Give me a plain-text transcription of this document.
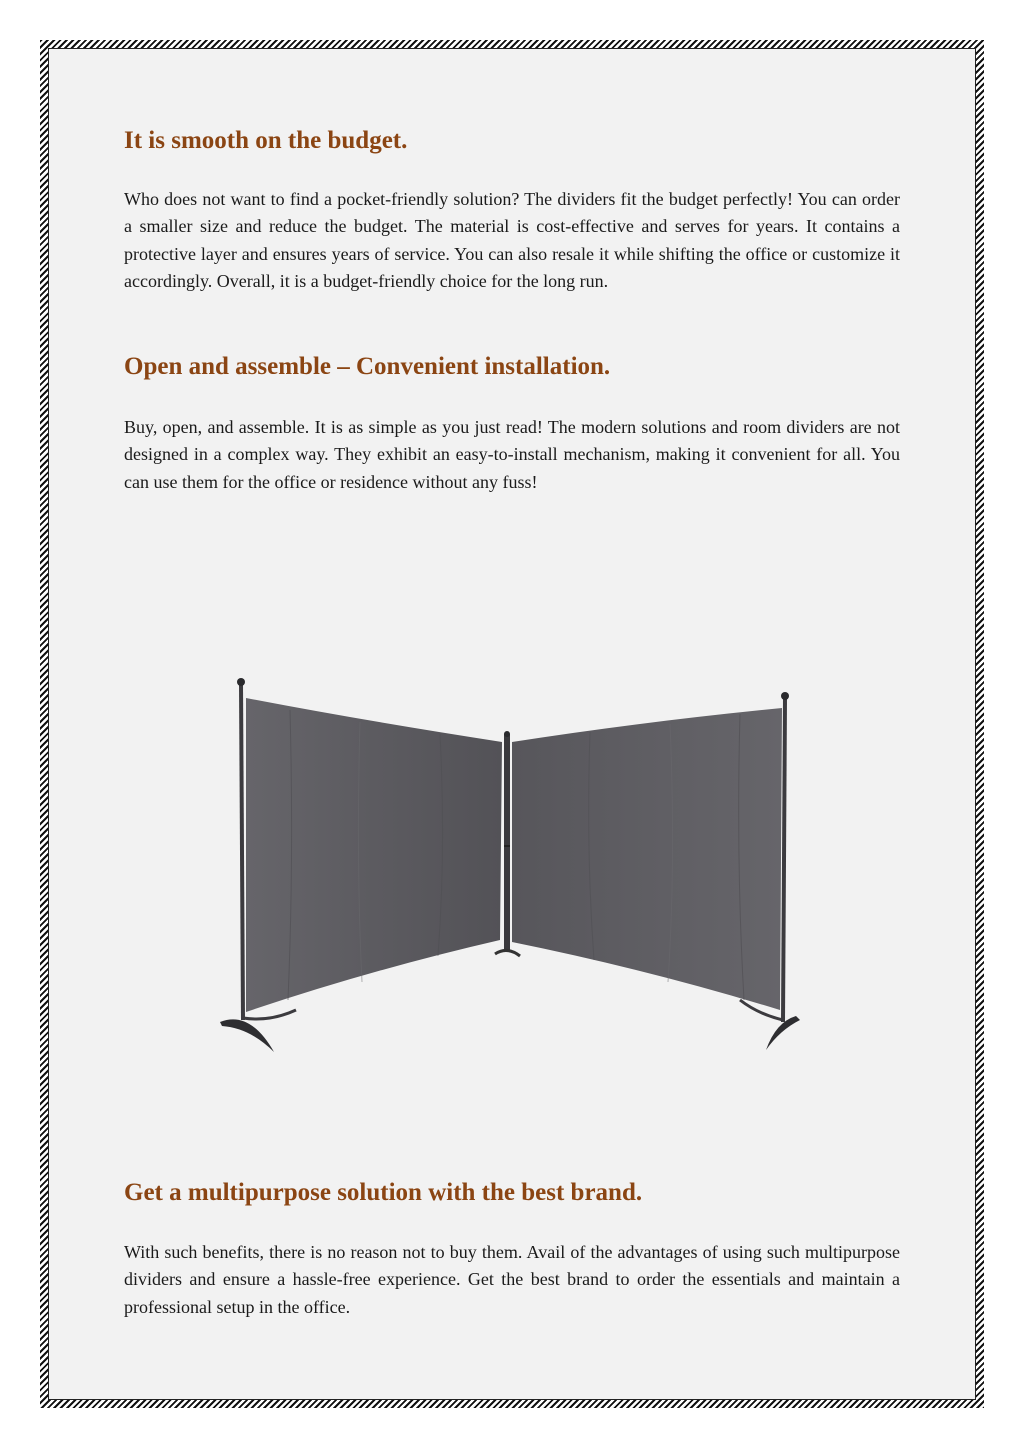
It is smooth on the budget.

Who does not want to find a pocket-friendly solution? The dividers fit the budget perfectly! You can order a smaller size and reduce the budget. The material is cost-effective and serves for years. It contains a protective layer and ensures years of service. You can also resale it while shifting the office or customize it accordingly. Overall, it is a budget-friendly choice for the long run.

Open and assemble – Convenient installation.

Buy, open, and assemble. It is as simple as you just read! The modern solutions and room dividers are not designed in a complex way. They exhibit an easy-to-install mechanism, making it convenient for all. You can use them for the office or residence without any fuss!

Get a multipurpose solution with the best brand.

With such benefits, there is no reason not to buy them. Avail of the advantages of using such multipurpose dividers and ensure a hassle-free experience. Get the best brand to order the essentials and maintain a professional setup in the office.
